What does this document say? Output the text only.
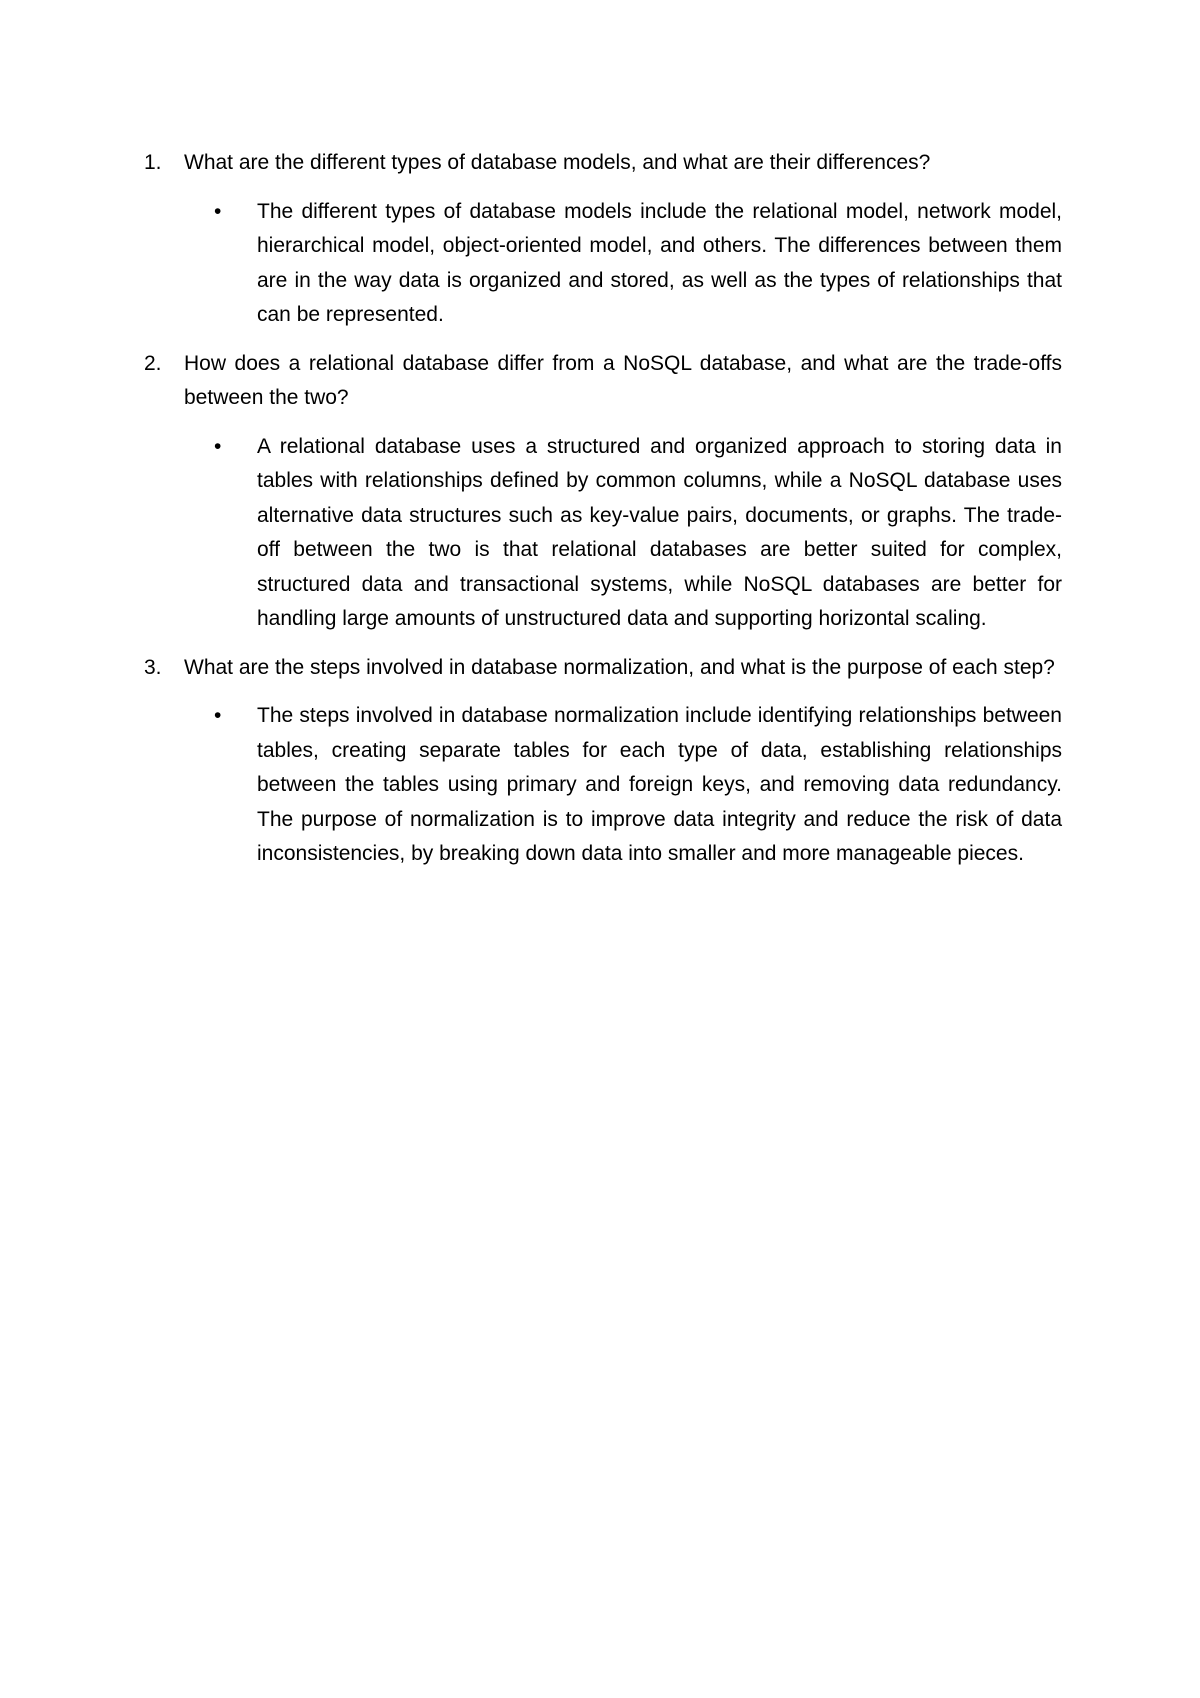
1. What are the different types of database models, and what are their differences?

• The different types of database models include the relational model, network model, hierarchical model, object-oriented model, and others. The differences between them are in the way data is organized and stored, as well as the types of relationships that can be represented.
2. How does a relational database differ from a NoSQL database, and what are the trade-offs between the two?

• A relational database uses a structured and organized approach to storing data in tables with relationships defined by common columns, while a NoSQL database uses alternative data structures such as key-value pairs, documents, or graphs. The trade-off between the two is that relational databases are better suited for complex, structured data and transactional systems, while NoSQL databases are better for handling large amounts of unstructured data and supporting horizontal scaling.
3. What are the steps involved in database normalization, and what is the purpose of each step?

• The steps involved in database normalization include identifying relationships between tables, creating separate tables for each type of data, establishing relationships between the tables using primary and foreign keys, and removing data redundancy. The purpose of normalization is to improve data integrity and reduce the risk of data inconsistencies, by breaking down data into smaller and more manageable pieces.
